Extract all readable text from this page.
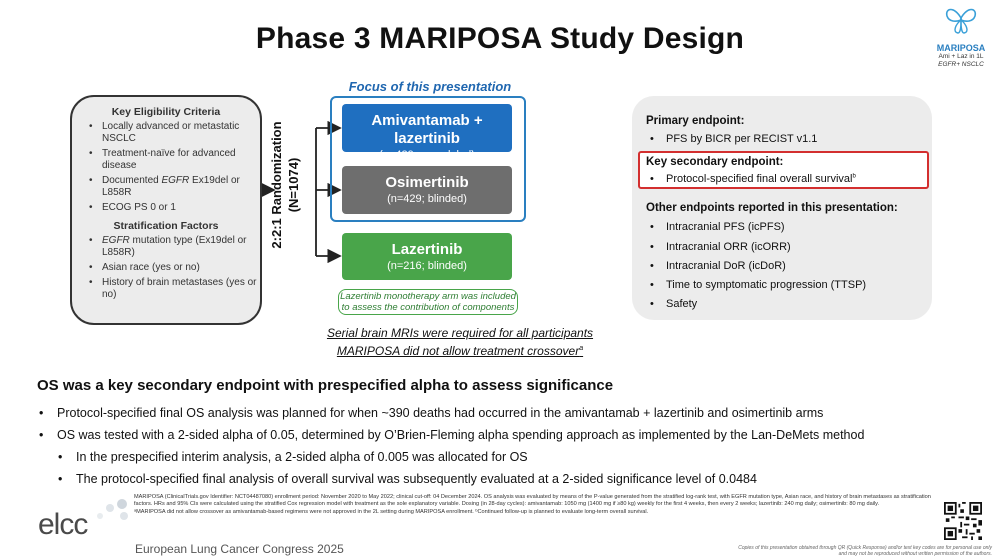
Phase 3 MARIPOSA Study Design	MARIPOSA
Ami + Laz in 1L
EGFR+ NSCLC
Key Eligibility Criteria
• Locally advanced or metastatic NSCLC
• Treatment-naïve for advanced disease
• Documented EGFR Ex19del or L858R
• ECOG PS 0 or 1
Stratification Factors
• EGFR mutation type (Ex19del or L858R)
• Asian race (yes or no)
• History of brain metastases (yes or no)
2:2:1 Randomization (N=1074)
Focus of this presentation
Amivantamab + lazertinib
(n=429; open-label)
Osimertinib
(n=429; blinded)
Lazertinib
(n=216; blinded)
Lazertinib monotherapy arm was included to assess the contribution of components
Serial brain MRIs were required for all participants
MARIPOSA did not allow treatment crossover$^a$
Primary endpoint:
• PFS by BICR per RECIST v1.1
Key secondary endpoint:
• Protocol-specified final overall survival$^b$
Other endpoints reported in this presentation:
• Intracranial PFS (icPFS)
• Intracranial ORR (icORR)
• Intracranial DoR (icDoR)
• Time to symptomatic progression (TTSP)
• Safety
OS was a key secondary endpoint with prespecified alpha to assess significance
• Protocol-specified final OS analysis was planned for when ~390 deaths had occurred in the amivantamab + lazertinib and osimertinib arms
• OS was tested with a 2-sided alpha of 0.05, determined by O’Brien-Fleming alpha spending approach as implemented by the Lan-DeMets method
• In the prespecified interim analysis, a 2-sided alpha of 0.005 was allocated for OS
• The protocol-specified final analysis of overall survival was subsequently evaluated at a 2-sided significance level of 0.0484
MARIPOSA (ClinicalTrials.gov Identifier: NCT04487080) enrollment period: November 2020 to May 2022; clinical cut-off: 04 December 2024. OS analysis was evaluated by means of the P-value generated from the stratified log-rank test, with EGFR mutation type, Asian race, and history of brain metastases as stratification factors. HRs and 95% CIs were calculated using the stratified Cox regression model with treatment as the sole explanatory variable. Dosing (in 28-day cycles): amivantamab: 1050 mg (1400 mg if ≥80 kg) weekly for the first 4 weeks, then every 2 weeks; lazertinib: 240 mg daily; osimertinib: 80 mg daily.
ᵃMARIPOSA did not allow crossover as amivantamab-based regimens were not approved in the 2L setting during MARIPOSA enrollment. ᵇContinued follow-up is planned to evaluate long-term overall survival.
elcc
European Lung Cancer Congress 2025	Copies of this presentation obtained through QR (Quick Response) and/or text key codes are for personal use only and may not be reproduced without written permission of the authors.
